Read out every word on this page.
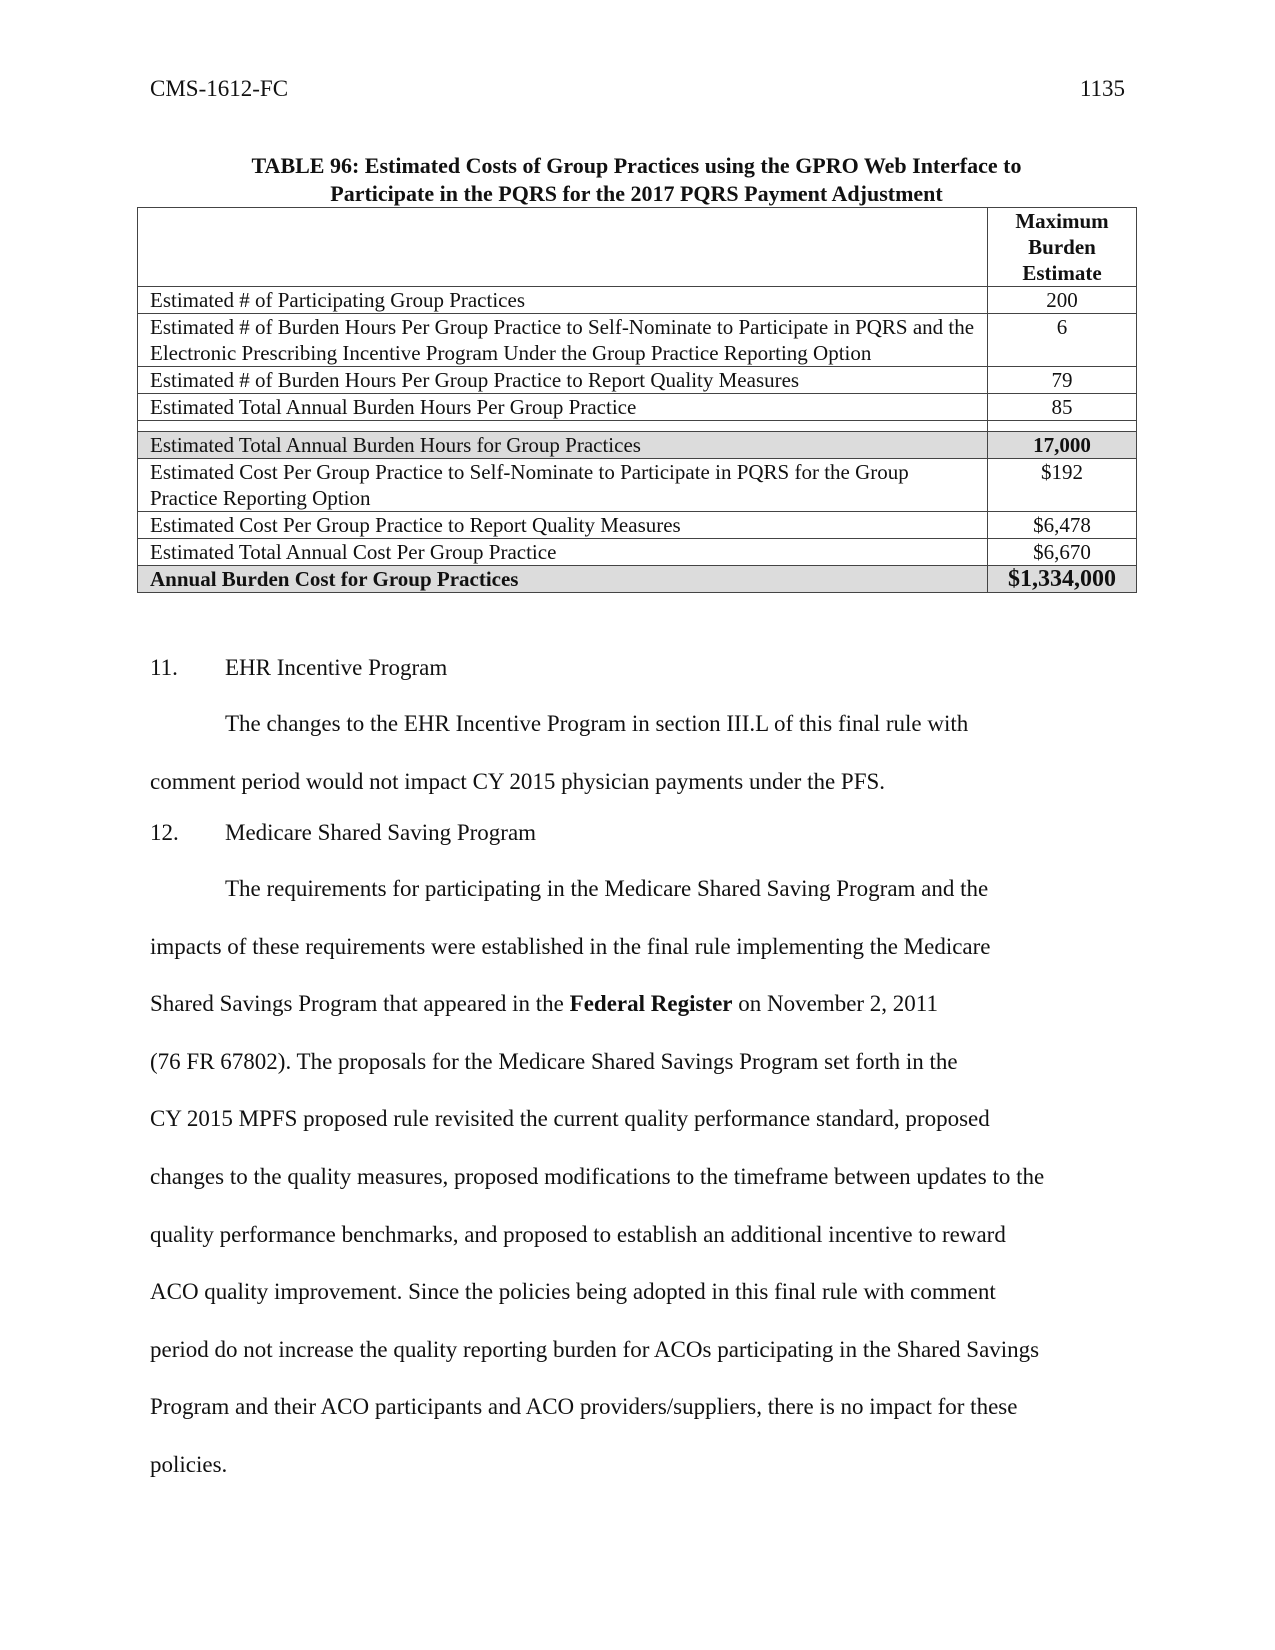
CMS-1612-FC	1135
TABLE 96: Estimated Costs of Group Practices using the GPRO Web Interface to
Participate in the PQRS for the 2017 PQRS Payment Adjustment

	Maximum
Burden
Estimate

Estimated # of Participating Group Practices	200
Estimated # of Burden Hours Per Group Practice to Self-Nominate to Participate in PQRS and the Electronic Prescribing Incentive Program Under the Group Practice Reporting Option	6
Estimated # of Burden Hours Per Group Practice to Report Quality Measures	79
Estimated Total Annual Burden Hours Per Group Practice	85

Estimated Total Annual Burden Hours for Group Practices	17,000
Estimated Cost Per Group Practice to Self-Nominate to Participate in PQRS for the Group Practice Reporting Option	$192
Estimated Cost Per Group Practice to Report Quality Measures	$6,478
Estimated Total Annual Cost Per Group Practice	$6,670
Annual Burden Cost for Group Practices	$1,334,000
11. EHR Incentive Program
The changes to the EHR Incentive Program in section III.L of this final rule with
comment period would not impact CY 2015 physician payments under the PFS.
12. Medicare Shared Saving Program
The requirements for participating in the Medicare Shared Saving Program and the
impacts of these requirements were established in the final rule implementing the Medicare
Shared Savings Program that appeared in the Federal Register on November 2, 2011
(76 FR 67802). The proposals for the Medicare Shared Savings Program set forth in the
CY 2015 MPFS proposed rule revisited the current quality performance standard, proposed
changes to the quality measures, proposed modifications to the timeframe between updates to the
quality performance benchmarks, and proposed to establish an additional incentive to reward
ACO quality improvement. Since the policies being adopted in this final rule with comment
period do not increase the quality reporting burden for ACOs participating in the Shared Savings
Program and their ACO participants and ACO providers/suppliers, there is no impact for these
policies.
